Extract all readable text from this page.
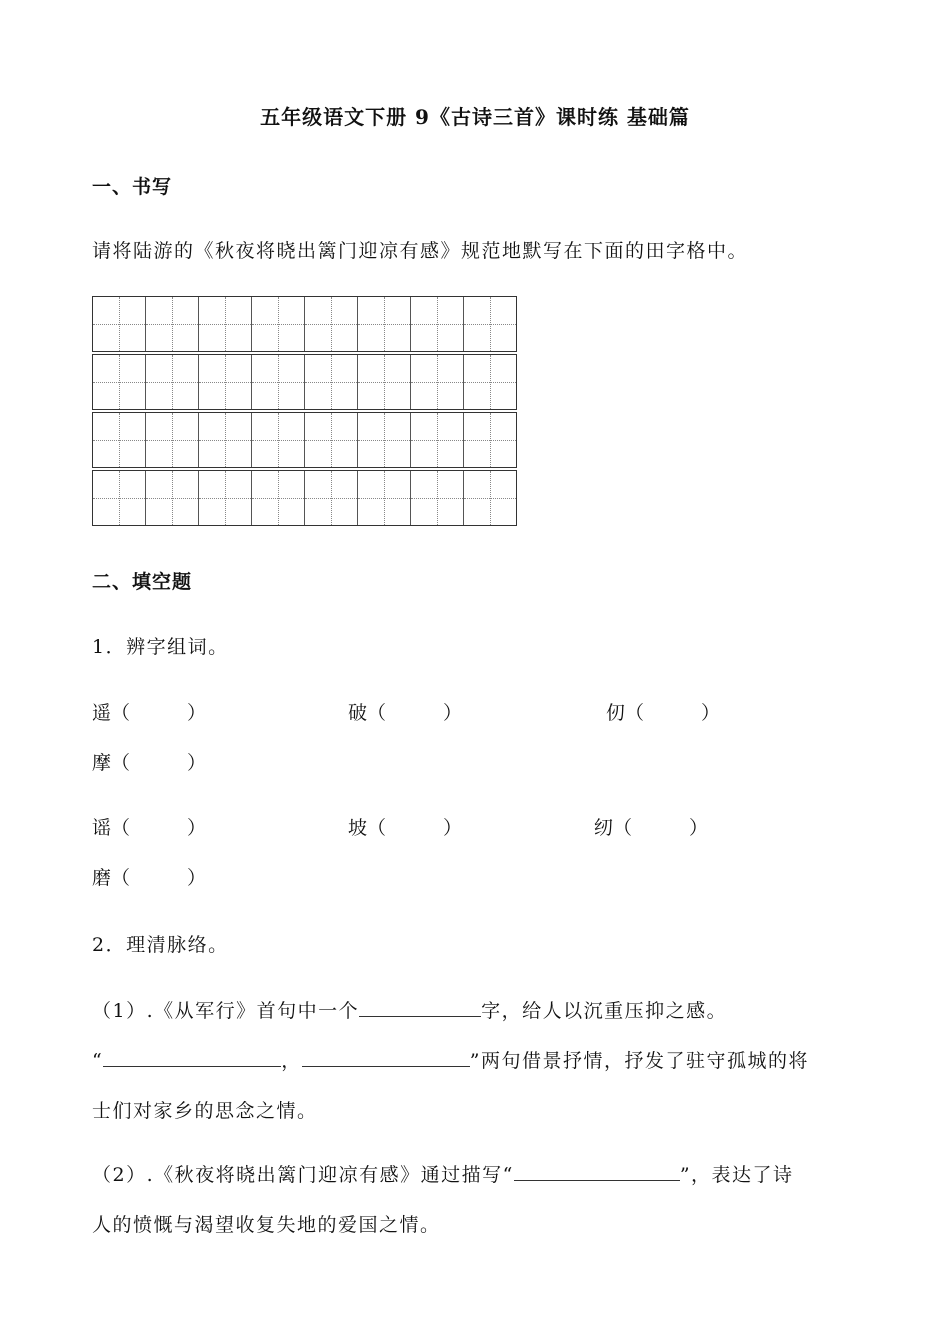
五年级语文下册 9《古诗三首》课时练 基础篇
一、书写
请将陆游的《秋夜将晓出篱门迎凉有感》规范地默写在下面的田字格中。
二、填空题
1．辨字组词。
遥（　　　）	破（　　　）	仞（　　　）
摩（　　　）
谣（　　　）	坡（　　　）	纫（　　　）
磨（　　　）
2．理清脉络。
（1）.《从军行》首句中一个	字，给人以沉重压抑之感。
“	，	”两句借景抒情，抒发了驻守孤城的将
士们对家乡的思念之情。
（2）.《秋夜将晓出篱门迎凉有感》通过描写“	”，表达了诗
人的愤慨与渴望收复失地的爱国之情。
